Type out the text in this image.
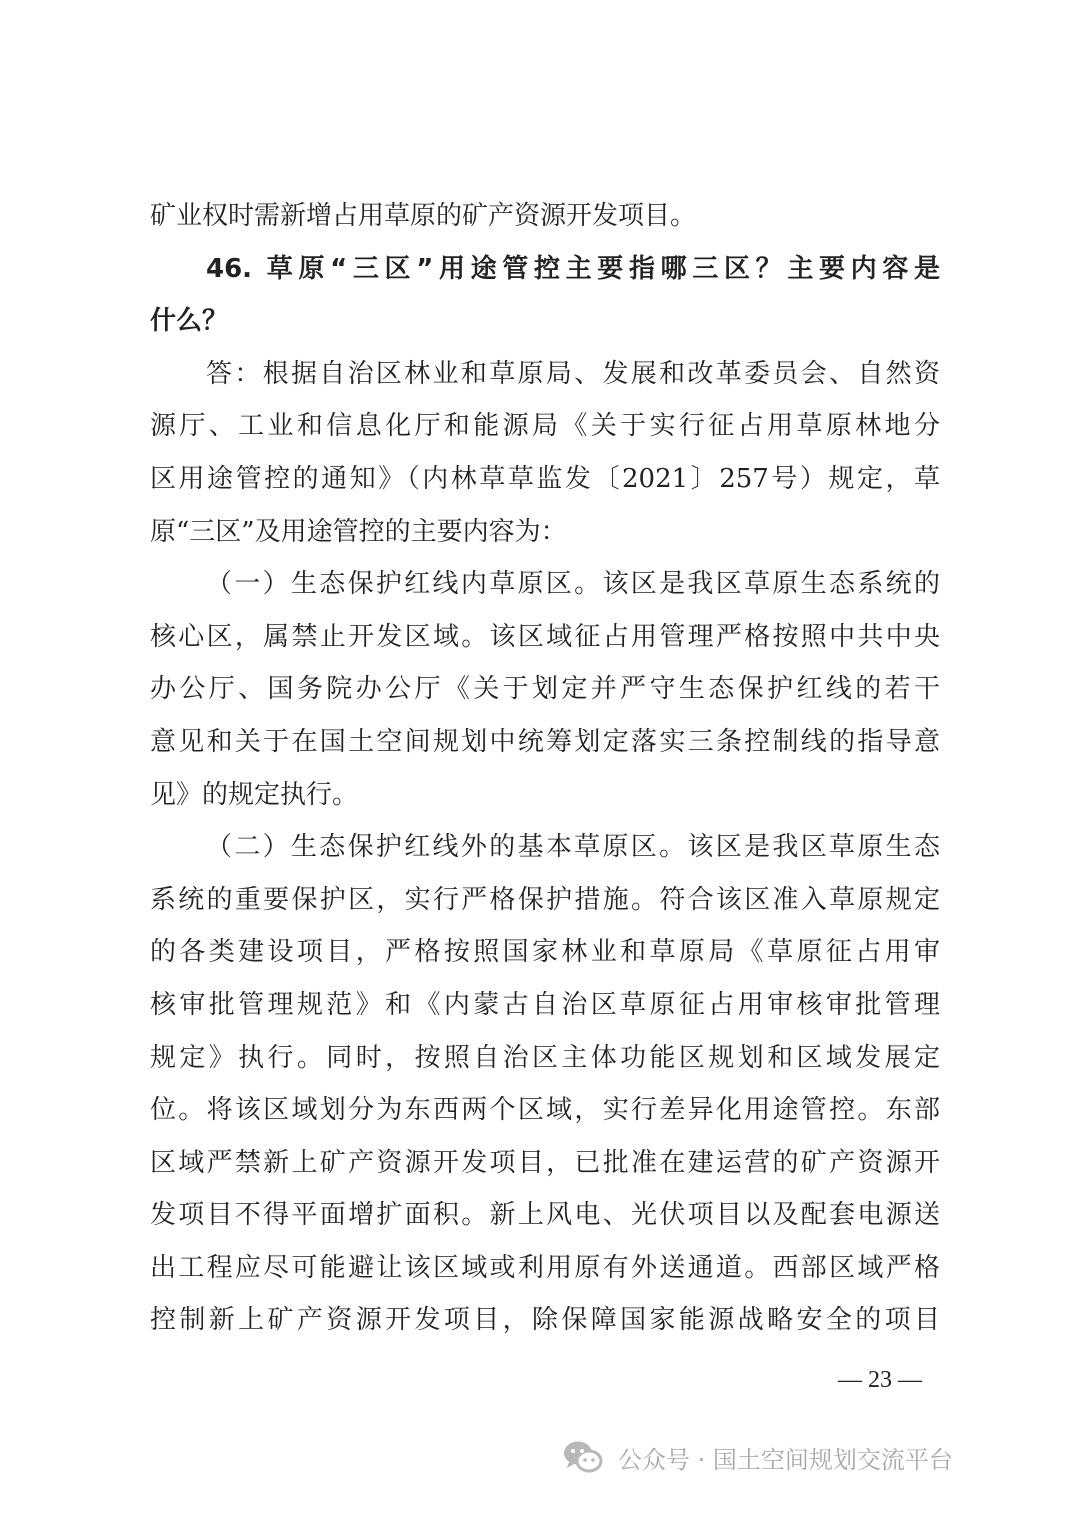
矿业权时需新增占用草原的矿产资源开发项目。
46. 草原“三区”用途管控主要指哪三区？主要内容是
什么？
答：根据自治区林业和草原局、发展和改革委员会、自然资
源厅、工业和信息化厅和能源局《关于实行征占用草原林地分
区用途管控的通知》（内林草草监发〔2021〕257号）规定，草
原“三区”及用途管控的主要内容为：
（一）生态保护红线内草原区。该区是我区草原生态系统的
核心区，属禁止开发区域。该区域征占用管理严格按照中共中央
办公厅、国务院办公厅《关于划定并严守生态保护红线的若干
意见和关于在国土空间规划中统筹划定落实三条控制线的指导意
见》的规定执行。
（二）生态保护红线外的基本草原区。该区是我区草原生态
系统的重要保护区，实行严格保护措施。符合该区准入草原规定
的各类建设项目，严格按照国家林业和草原局《草原征占用审
核审批管理规范》和《内蒙古自治区草原征占用审核审批管理
规定》执行。同时，按照自治区主体功能区规划和区域发展定
位。将该区域划分为东西两个区域，实行差异化用途管控。东部
区域严禁新上矿产资源开发项目，已批准在建运营的矿产资源开
发项目不得平面增扩面积。新上风电、光伏项目以及配套电源送
出工程应尽可能避让该区域或利用原有外送通道。西部区域严格
控制新上矿产资源开发项目，除保障国家能源战略安全的项目
— 23 —
公众号 · 国土空间规划交流平台
